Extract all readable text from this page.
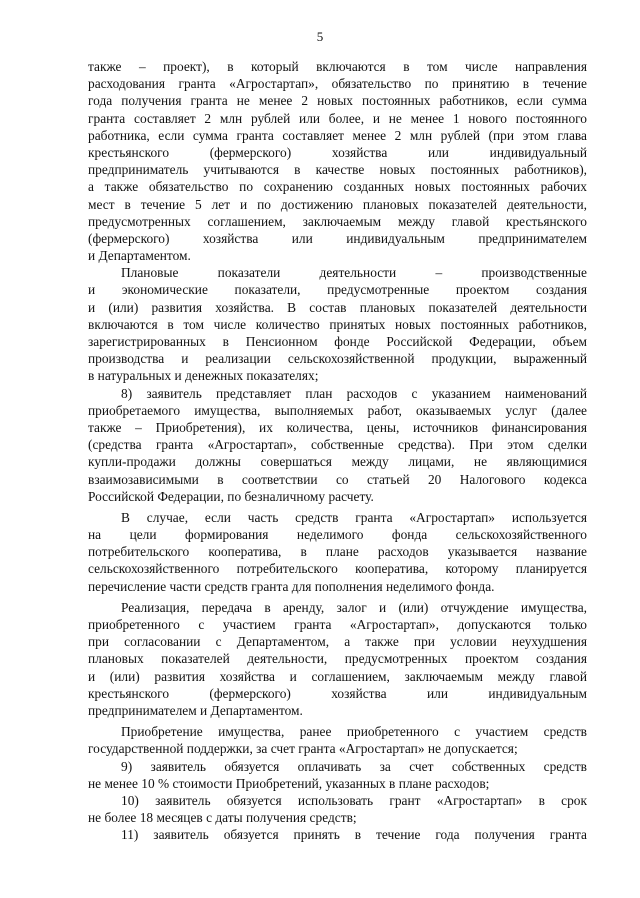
5
также – проект), в который включаются в том числе направления
расходования гранта «Агростартап», обязательство по принятию в течение
года получения гранта не менее 2 новых постоянных работников, если сумма
гранта составляет 2 млн рублей или более, и не менее 1 нового постоянного
работника, если сумма гранта составляет менее 2 млн рублей (при этом глава
крестьянского (фермерского) хозяйства или индивидуальный
предприниматель учитываются в качестве новых постоянных работников),
а также обязательство по сохранению созданных новых постоянных рабочих
мест в течение 5 лет и по достижению плановых показателей деятельности,
предусмотренных соглашением, заключаемым между главой крестьянского
(фермерского) хозяйства или индивидуальным предпринимателем
и Департаментом.
Плановые показатели деятельности – производственные
и экономические показатели, предусмотренные проектом создания
и (или) развития хозяйства. В состав плановых показателей деятельности
включаются в том числе количество принятых новых постоянных работников,
зарегистрированных в Пенсионном фонде Российской Федерации, объем
производства и реализации сельскохозяйственной продукции, выраженный
в натуральных и денежных показателях;
8) заявитель представляет план расходов с указанием наименований
приобретаемого имущества, выполняемых работ, оказываемых услуг (далее
также – Приобретения), их количества, цены, источников финансирования
(средства гранта «Агростартап», собственные средства). При этом сделки
купли-продажи должны совершаться между лицами, не являющимися
взаимозависимыми в соответствии со статьей 20 Налогового кодекса
Российской Федерации, по безналичному расчету.
В случае, если часть средств гранта «Агростартап» используется
на цели формирования неделимого фонда сельскохозяйственного
потребительского кооператива, в плане расходов указывается название
сельскохозяйственного потребительского кооператива, которому планируется
перечисление части средств гранта для пополнения неделимого фонда.
Реализация, передача в аренду, залог и (или) отчуждение имущества,
приобретенного с участием гранта «Агростартап», допускаются только
при согласовании с Департаментом, а также при условии неухудшения
плановых показателей деятельности, предусмотренных проектом создания
и (или) развития хозяйства и соглашением, заключаемым между главой
крестьянского (фермерского) хозяйства или индивидуальным
предпринимателем и Департаментом.
Приобретение имущества, ранее приобретенного с участием средств
государственной поддержки, за счет гранта «Агростартап» не допускается;
9) заявитель обязуется оплачивать за счет собственных средств
не менее 10 % стоимости Приобретений, указанных в плане расходов;
10) заявитель обязуется использовать грант «Агростартап» в срок
не более 18 месяцев с даты получения средств;
11) заявитель обязуется принять в течение года получения гранта
